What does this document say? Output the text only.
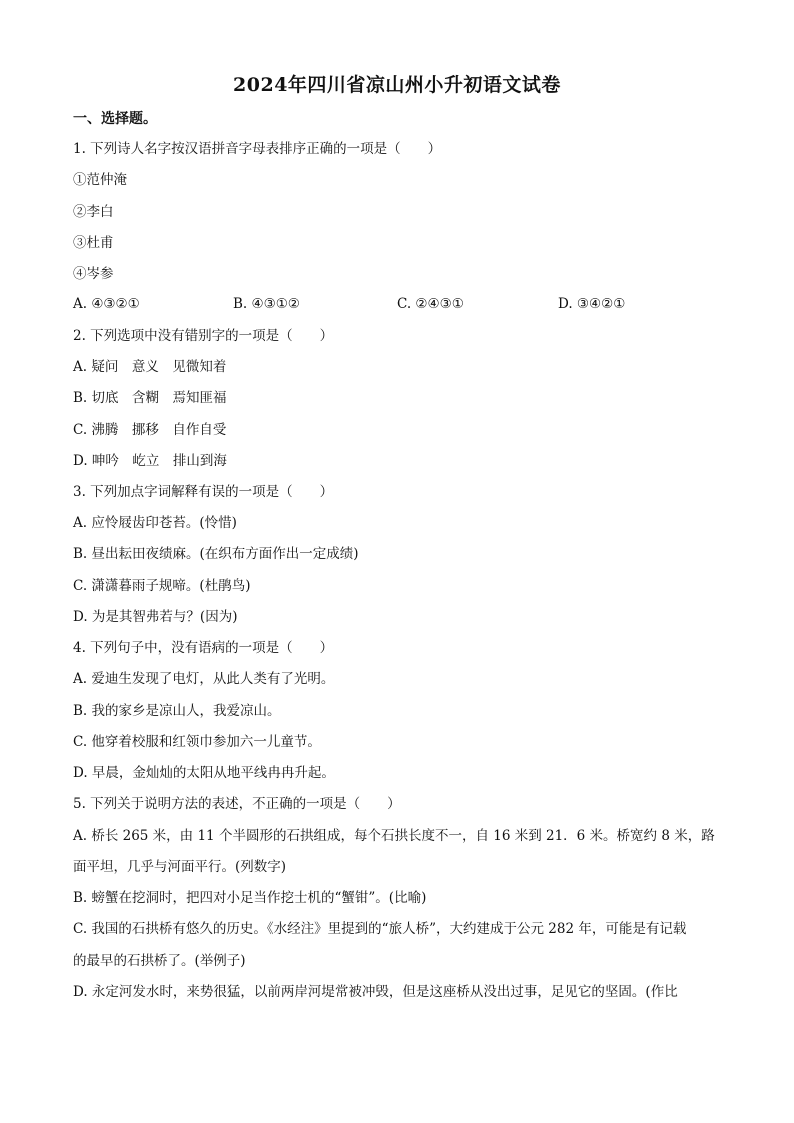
2024年四川省凉山州小升初语文试卷
一、选择题。
1. 下列诗人名字按汉语拼音字母表排序正确的一项是（　　）
①范仲淹
②李白
③杜甫
④岑参
A. ④③②①	B. ④③①②	C. ②④③①	D. ③④②①
2. 下列选项中没有错别字的一项是（　　）
A. 疑问　意义　见微知着
B. 切底　含糊　焉知匪福
C. 沸腾　挪移　自作自受
D. 呻吟　屹立　排山到海
3. 下列加点字词解释有误的一项是（　　）
A. 应怜屐齿印苍苔。(怜惜)
B. 昼出耘田夜绩麻。(在织布方面作出一定成绩)
C. 潇潇暮雨子规啼。(杜鹃鸟)
D. 为是其智弗若与？(因为)
4. 下列句子中，没有语病的一项是（　　）
A. 爱迪生发现了电灯，从此人类有了光明。
B. 我的家乡是凉山人，我爱凉山。
C. 他穿着校服和红领巾参加六一儿童节。
D. 早晨，金灿灿的太阳从地平线冉冉升起。
5. 下列关于说明方法的表述，不正确的一项是（　　）
A. 桥长 265 米，由 11 个半圆形的石拱组成，每个石拱长度不一，自 16 米到 21．6 米。桥宽约 8 米，路
面平坦，几乎与河面平行。(列数字)
B. 螃蟹在挖洞时，把四对小足当作挖士机的“蟹钳”。(比喻)
C. 我国的石拱桥有悠久的历史。《水经注》里提到的“旅人桥”，大约建成于公元 282 年，可能是有记载
的最早的石拱桥了。(举例子)
D. 永定河发水时，来势很猛，以前两岸河堤常被冲毁，但是这座桥从没出过事，足见它的坚固。(作比
